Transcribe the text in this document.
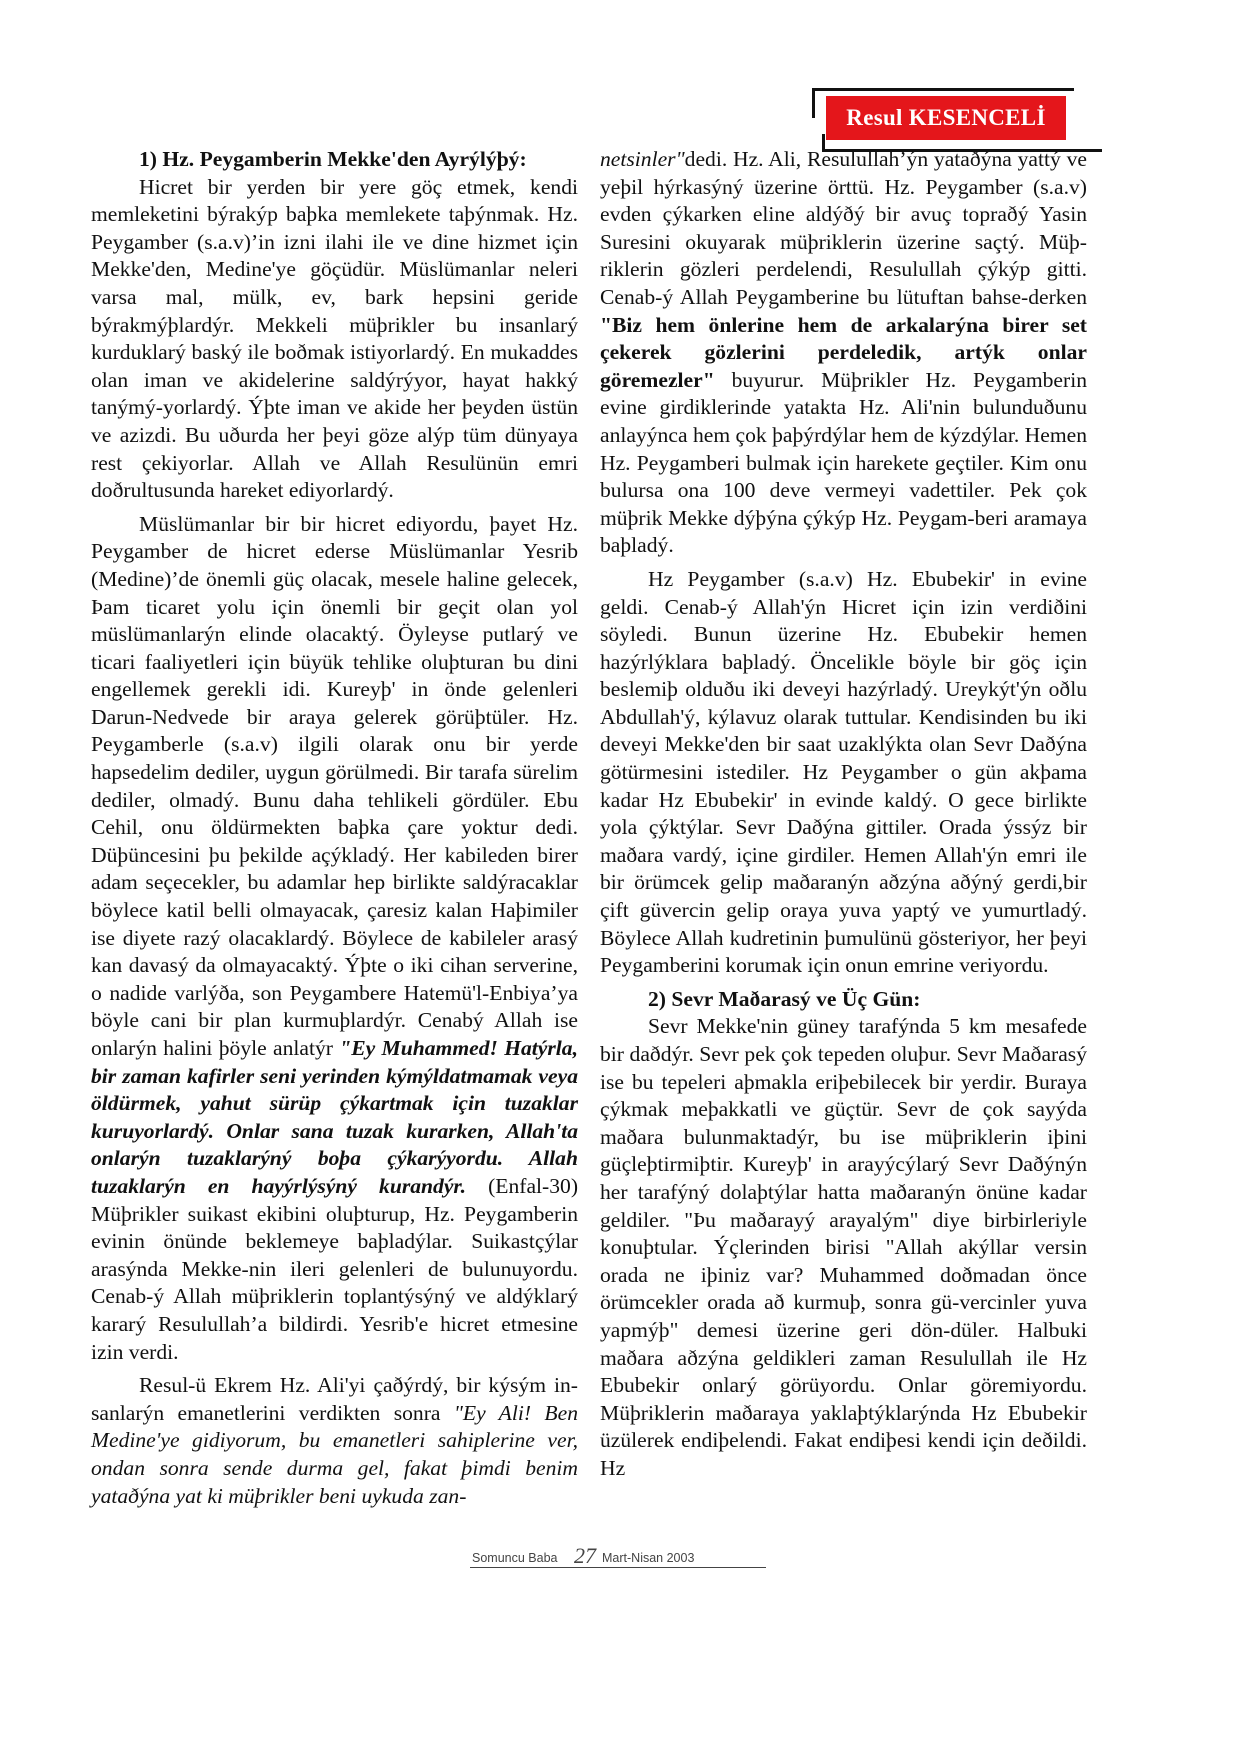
Resul KESENCELİ
1) Hz. Peygamberin Mekke'den Ayrýlýþý:

Hicret bir yerden bir yere göç etmek, kendi memleketini býrakýp baþka memlekete taþýnmak. Hz. Peygamber (s.a.v)’in izni ilahi ile ve dine hizmet için Mekke'den, Medine'ye göçüdür. Müslümanlar neleri varsa mal, mülk, ev, bark hepsini geride býrakmýþlardýr. Mekkeli müþrikler bu insanlarý kurduklarý baský ile boðmak istiyorlardý. En mukaddes olan iman ve akidelerine saldýrýyor, hayat hakký tanýmý-yorlardý. Ýþte iman ve akide her þeyden üstün ve azizdi. Bu uðurda her þeyi göze alýp tüm dünyaya rest çekiyorlar. Allah ve Allah Resulünün emri doðrultusunda hareket ediyorlardý.

Müslümanlar bir bir hicret ediyordu, þayet Hz. Peygamber de hicret ederse Müslümanlar Yesrib (Medine)’de önemli güç olacak, mesele haline gelecek, Þam ticaret yolu için önemli bir geçit olan yol müslümanlarýn elinde olacaktý. Öyleyse putlarý ve ticari faaliyetleri için büyük tehlike oluþturan bu dini engellemek gerekli idi. Kureyþ' in önde gelenleri Darun-Nedvede bir araya gelerek görüþtüler. Hz. Peygamberle (s.a.v) ilgili olarak onu bir yerde hapsedelim dediler, uygun görülmedi. Bir tarafa sürelim dediler, olmadý. Bunu daha tehlikeli gördüler. Ebu Cehil, onu öldürmekten baþka çare yoktur dedi. Düþüncesini þu þekilde açýkladý. Her kabileden birer adam seçecekler, bu adamlar hep birlikte saldýracaklar böylece katil belli olmayacak, çaresiz kalan Haþimiler ise diyete razý olacaklardý. Böylece de kabileler arasý kan davasý da olmayacaktý. Ýþte o iki cihan serverine, o nadide varlýða, son Peygambere Hatemü'l-Enbiya’ya böyle cani bir plan kurmuþlardýr. Cenabý Allah ise onlarýn halini þöyle anlatýr "Ey Muhammed! Hatýrla, bir zaman kafirler seni yerinden kýmýldatmamak veya öldürmek, yahut sürüp çýkartmak için tuzaklar kuruyorlardý. Onlar sana tuzak kurarken, Allah'ta onlarýn tuzaklarýný boþa çýkarýyordu. Allah tuzaklarýn en hayýrlýsýný kurandýr. (Enfal-30) Müþrikler suikast ekibini oluþturup, Hz. Peygamberin evinin önünde beklemeye baþladýlar. Suikastçýlar arasýnda Mekke-nin ileri gelenleri de bulunuyordu. Cenab-ý Allah müþriklerin toplantýsýný ve aldýklarý kararý Resulullah’a bildirdi. Yesrib'e hicret etmesine izin verdi.

Resul-ü Ekrem Hz. Ali'yi çaðýrdý, bir kýsým in-sanlarýn emanetlerini verdikten sonra "Ey Ali! Ben Medine'ye gidiyorum, bu emanetleri sahiplerine ver, ondan sonra sende durma gel, fakat þimdi benim yataðýna yat ki müþrikler beni uykuda zan-

netsinler"dedi. Hz. Ali, Resulullah’ýn yataðýna yattý ve yeþil hýrkasýný üzerine örttü. Hz. Peygamber (s.a.v) evden çýkarken eline aldýðý bir avuç topraðý Yasin Suresini okuyarak müþriklerin üzerine saçtý. Müþ-riklerin gözleri perdelendi, Resulullah çýkýp gitti. Cenab-ý Allah Peygamberine bu lütuftan bahse-derken "Biz hem önlerine hem de arkalarýna birer set çekerek gözlerini perdeledik, artýk onlar göremezler" buyurur. Müþrikler Hz. Peygamberin evine girdiklerinde yatakta Hz. Ali'nin bulunduðunu anlayýnca hem çok þaþýrdýlar hem de kýzdýlar. Hemen Hz. Peygamberi bulmak için harekete geçtiler. Kim onu bulursa ona 100 deve vermeyi vadettiler. Pek çok müþrik Mekke dýþýna çýkýp Hz. Peygam-beri aramaya baþladý.

Hz Peygamber (s.a.v) Hz. Ebubekir' in evine geldi. Cenab-ý Allah'ýn Hicret için izin verdiðini söyledi. Bunun üzerine Hz. Ebubekir hemen hazýrlýklara baþladý. Öncelikle böyle bir göç için beslemiþ olduðu iki deveyi hazýrladý. Ureykýt'ýn oðlu Abdullah'ý, kýlavuz olarak tuttular. Kendisinden bu iki deveyi Mekke'den bir saat uzaklýkta olan Sevr Daðýna götürmesini istediler. Hz Peygamber o gün akþama kadar Hz Ebubekir' in evinde kaldý. O gece birlikte yola çýktýlar. Sevr Daðýna gittiler. Orada ýssýz bir maðara vardý, içine girdiler. Hemen Allah'ýn emri ile bir örümcek gelip maðaranýn aðzýna aðýný gerdi,bir çift güvercin gelip oraya yuva yaptý ve yumurtladý. Böylece Allah kudretinin þumulünü gösteriyor, her þeyi Peygamberini korumak için onun emrine veriyordu.

2) Sevr Maðarasý ve Üç Gün:

Sevr Mekke'nin güney tarafýnda 5 km mesafede bir daðdýr. Sevr pek çok tepeden oluþur. Sevr Maðarasý ise bu tepeleri aþmakla eriþebilecek bir yerdir. Buraya çýkmak meþakkatli ve güçtür. Sevr de çok sayýda maðara bulunmaktadýr, bu ise müþriklerin iþini güçleþtirmiþtir. Kureyþ' in arayýcýlarý Sevr Daðýnýn her tarafýný dolaþtýlar hatta maðaranýn önüne kadar geldiler. "Þu maðarayý arayalým" diye birbirleriyle konuþtular. Ýçlerinden birisi "Allah akýllar versin orada ne iþiniz var? Muhammed doðmadan önce örümcekler orada að kurmuþ, sonra gü-vercinler yuva yapmýþ" demesi üzerine geri dön-düler. Halbuki maðara aðzýna geldikleri zaman Resulullah ile Hz Ebubekir onlarý görüyordu. Onlar göremiyordu. Müþriklerin maðaraya yaklaþtýklarýnda Hz Ebubekir üzülerek endiþelendi. Fakat endiþesi kendi için deðildi. Hz

Somuncu Baba 27 Mart-Nisan 2003
